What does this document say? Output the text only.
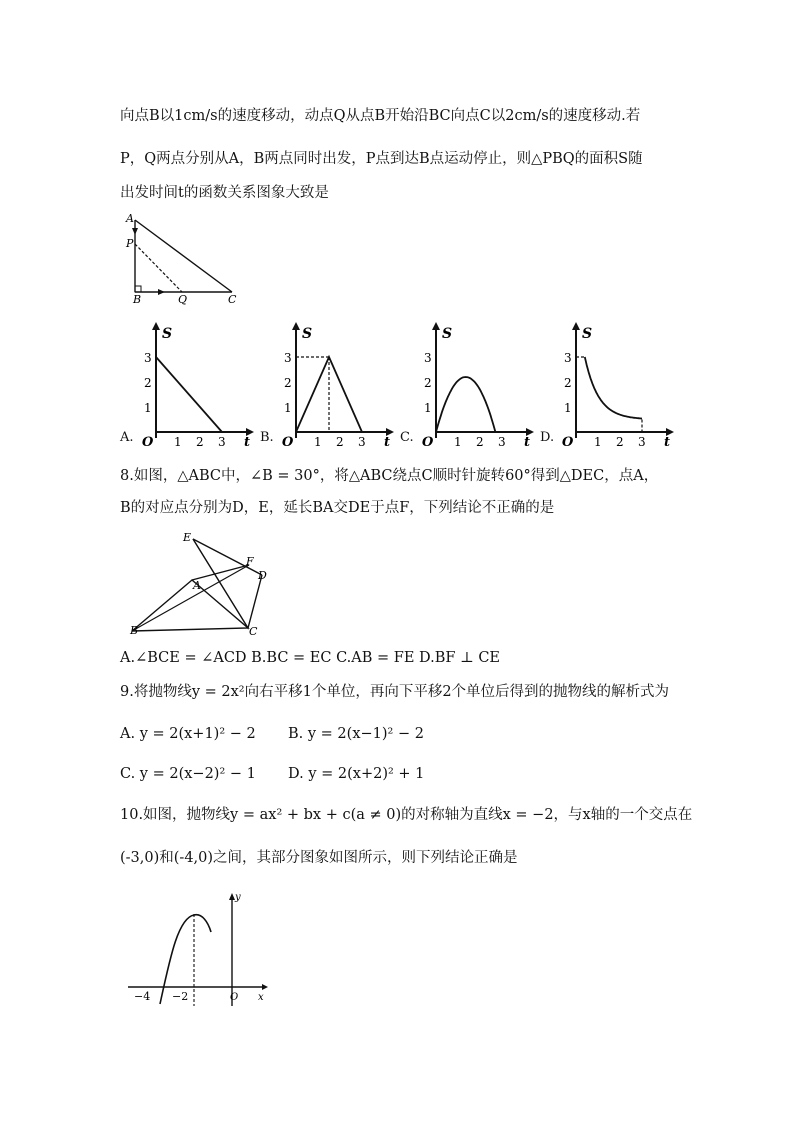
向点B以1cm/s的速度移动，动点Q从点B开始沿BC向点C以2cm/s的速度移动.若
P，Q两点分别从A，B两点同时出发，P点到达B点运动停止，则△PBQ的面积S随
出发时间t的函数关系图象大致是
A
P
B	Q	C
S
t
O
1
2
3
1 2 3
A.
S
t
O
1
2
3
1 2 3
B.
S
t
O
1
2
3
1 2 3
C.
S
t
O
1
2
3
1 2 3
D.
8.如图，△ABC中，∠B = 30°，将△ABC绕点C顺时针旋转60°得到△DEC，点A，
B的对应点分别为D，E，延长BA交DE于点F，下列结论不正确的是
E
F
D
A
B	C
A.∠BCE = ∠ACD B.BC = EC C.AB = FE D.BF ⊥ CE
9.将抛物线y = 2x²向右平移1个单位，再向下平移2个单位后得到的抛物线的解析式为
A. y = 2(x+1)² − 2 B. y = 2(x−1)² − 2
C. y = 2(x−2)² − 1 D. y = 2(x+2)² + 1
10.如图，抛物线y = ax² + bx + c(a ≠ 0)的对称轴为直线x = −2，与x轴的一个交点在
(-3,0)和(-4,0)之间，其部分图象如图所示，则下列结论正确是
y
x
O
−4 −2
